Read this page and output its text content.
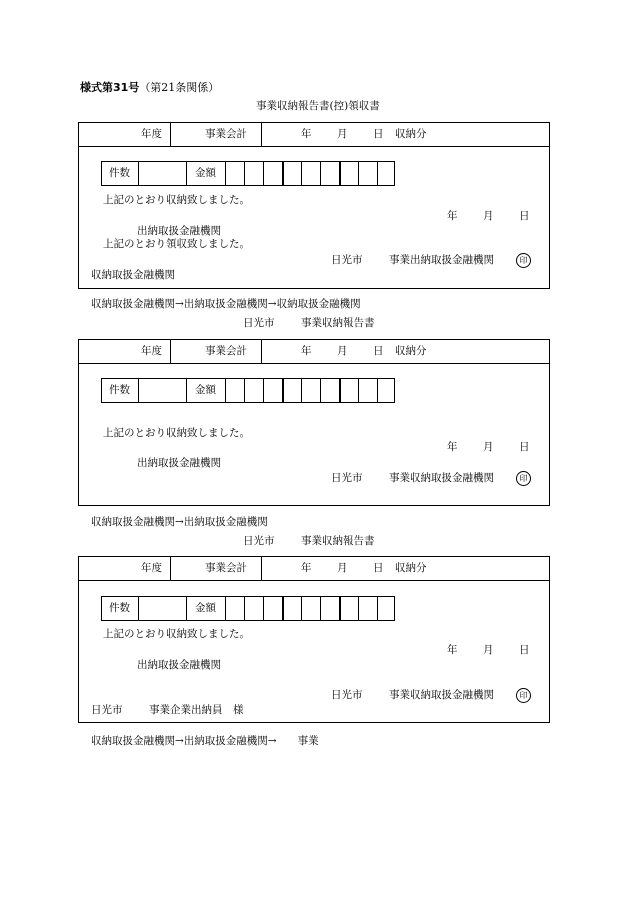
様式第31号（第21条関係）
事業収納報告書(控)領収書
年度	事業会計	年 月 日 収納分
件数	金額
上記のとおり収納致しました。
年 月 日
出納取扱金融機関
上記のとおり領収致しました。
日光市	事業出納取扱金融機関	印
収納取扱金融機関
収納取扱金融機関→出納取扱金融機関→収納取扱金融機関
日光市	事業収納報告書
年度	事業会計	年 月 日 収納分
件数	金額
上記のとおり収納致しました。
年 月 日
出納取扱金融機関
日光市	事業収納取扱金融機関	印
収納取扱金融機関→出納取扱金融機関
日光市	事業収納報告書
年度	事業会計	年 月 日 収納分
件数	金額
上記のとおり収納致しました。
年 月 日
出納取扱金融機関
日光市	事業収納取扱金融機関	印
日光市	事業企業出納員　様
収納取扱金融機関→出納取扱金融機関→　　事業
